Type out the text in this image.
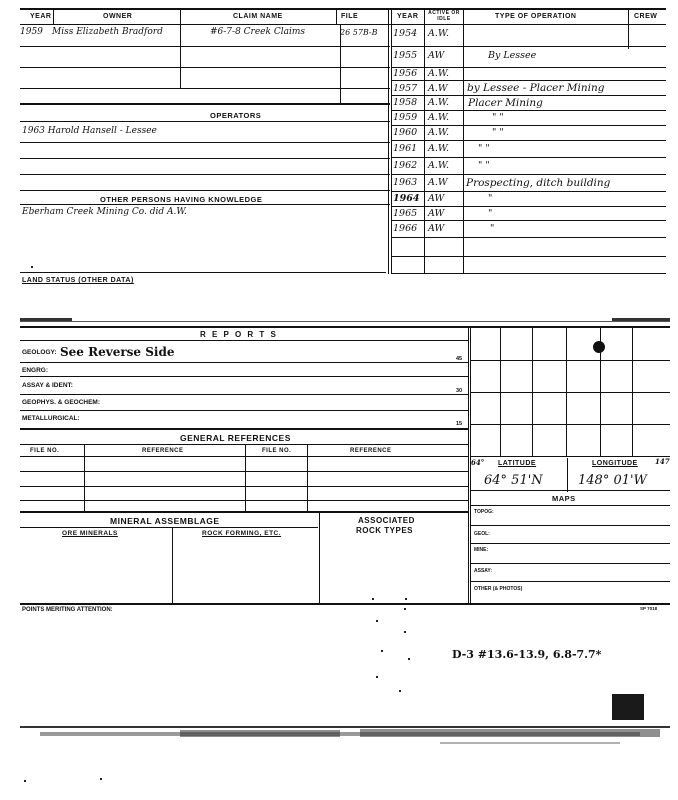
YEAR	OWNER	CLAIM NAME	FILE	YEAR ACTIVE OR IDLE	TYPE OF OPERATION	CREW
1959 Miss Elizabeth Bradford	#6-7-8 Creek Claims	26 57B-B
OPERATORS
1963 Harold Hansell - Lessee
OTHER PERSONS HAVING KNOWLEDGE
Eberham Creek Mining Co. did A.W.
1954 A.W.
1955 AW	By Lessee
1956 A.W.
1957 A.W by Lessee - Placer Mining
1958 A.W. Placer Mining
1959 A.W.	" "
1960 A.W.	" "
1961 A.W.	" "
1962 A.W.	" "
1963 A.W Prospecting, ditch building
1964 AW	"
1965 AW	"
1966 AW	"
LAND STATUS (OTHER DATA)
R E P O R T S
GEOLOGY: See Reverse Side	45
ENGRG:
ASSAY & IDENT:
30
GEOPHYS. & GEOCHEM:
METALLURGICAL:
15
GENERAL REFERENCES
FILE NO.	REFERENCE	FILE NO.	REFERENCE
MINERAL ASSEMBLAGE
ORE MINERALS	ROCK FORMING, ETC.
ASSOCIATED
ROCK TYPES
64° LATITUDE	LONGITUDE 147
64° 51'N	148° 01'W
MAPS
TOPOG:
GEOL:
MINE:
ASSAY:
OTHER (& PHOTOS)
POINTS MERITING ATTENTION:	SP 7018
D-3 #13.6-13.9, 6.8-7.7*
